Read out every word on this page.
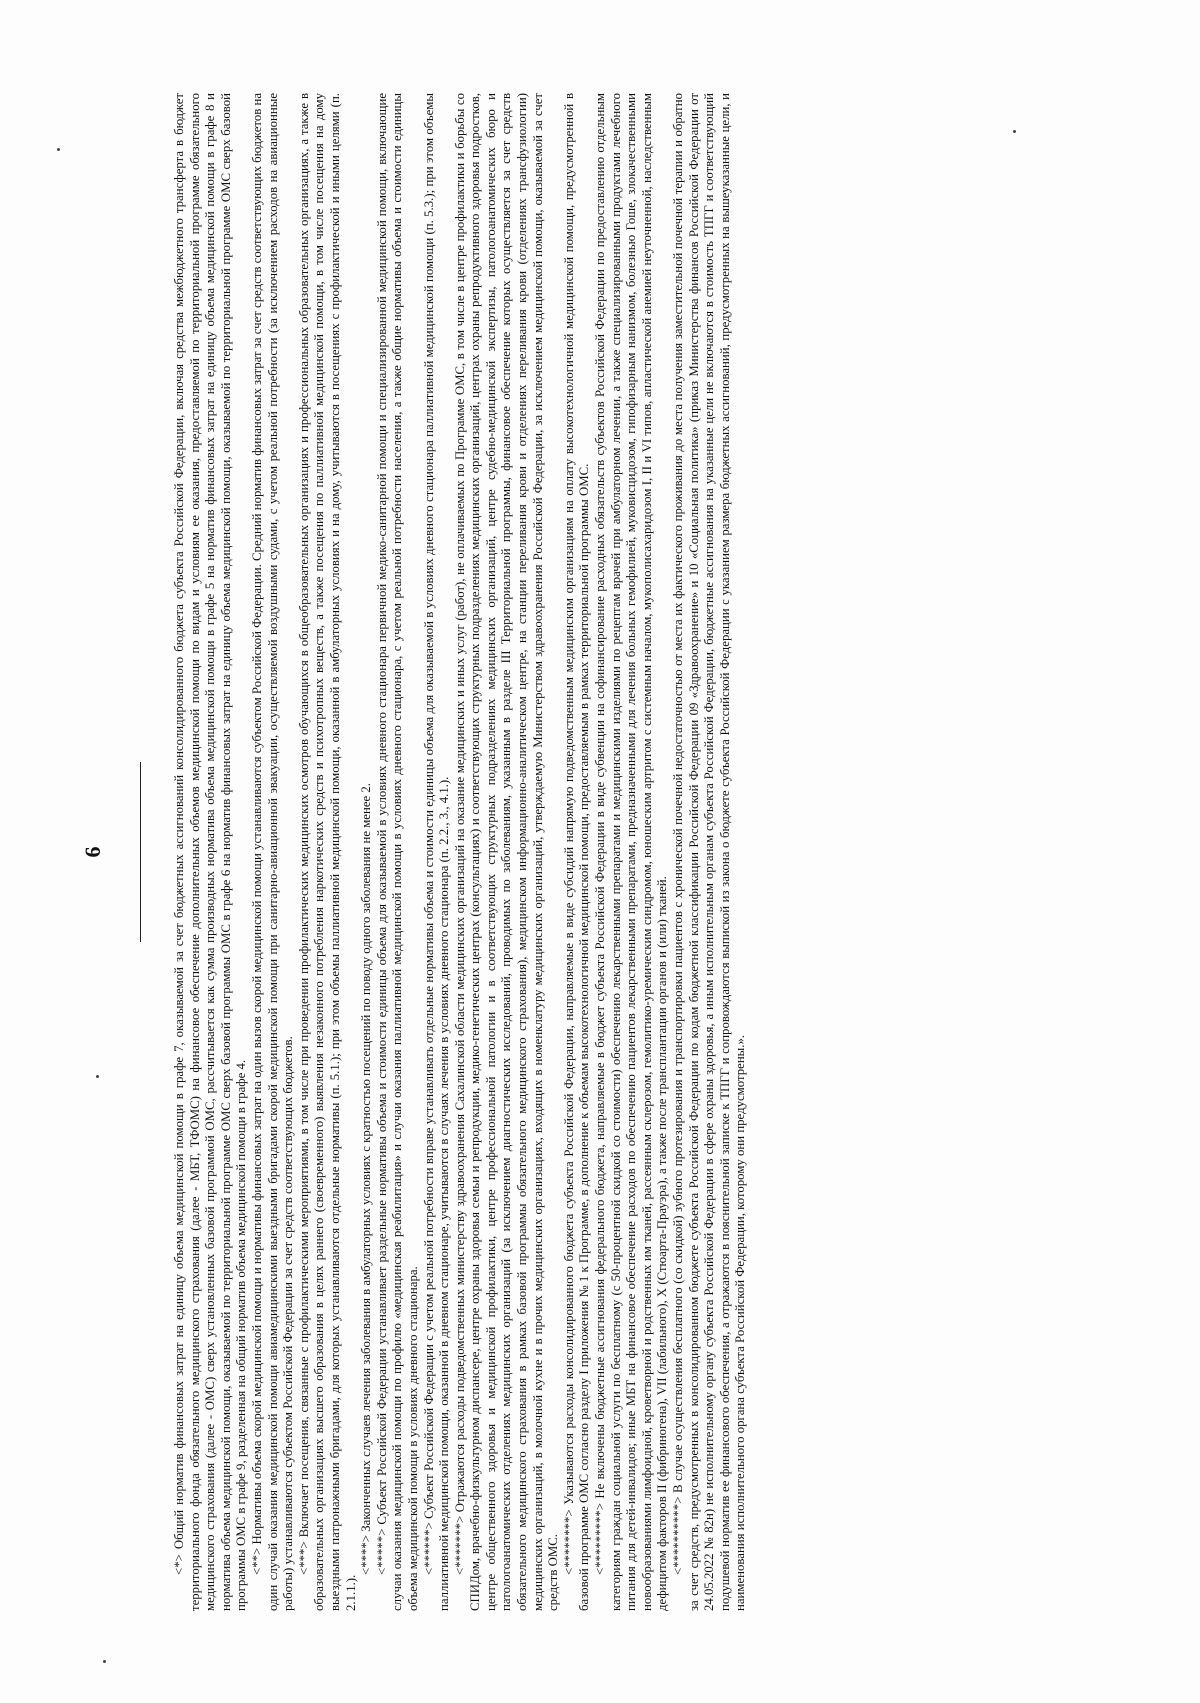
6	<*> Общий норматив финансовых затрат на единицу объема медицинской помощи в графе 7, оказываемой за счет бюджетных ассигнований консолидированного бюджета субъекта Российской Федерации, включая средства межбюджетного трансферта в бюджет территориального фонда обязательного медицинского страхования (далее - МБТ, ТФОМС) на финансовое обеспечение дополнительных объемов медицинской помощи по видам и условиям ее оказания, предоставляемой по территориальной программе обязательного медицинского страхования (далее - ОМС) сверх установленных базовой программой ОМС, рассчитывается как сумма производных норматива объема медицинской помощи в графе 5 на норматив финансовых затрат на единицу объема медицинской помощи в графе 8 и норматива объема медицинской помощи, оказываемой по территориальной программе ОМС сверх базовой программы ОМС в графе 6 на норматив финансовых затрат на единицу объема медицинской помощи, оказываемой по территориальной программе ОМС сверх базовой программы ОМС в графе 9, разделенная на общий норматив объема медицинской помощи в графе 4. <**> Нормативы объема скорой медицинской помощи и нормативы финансовых затрат на один вызов скорой медицинской помощи устанавливаются субъектом Российской Федерации. Средний норматив финансовых затрат за счет средств соответствующих бюджетов на один случай оказания медицинской помощи авиамедицинскими выездными бригадами скорой медицинской помощи при санитарно-авиационной эвакуации, осуществляемой воздушными судами, с учетом реальной потребности (за исключением расходов на авиационные работы) устанавливаются субъектом Российской Федерации за счет средств соответствующих бюджетов. <***> Включает посещения, связанные с профилактическими мероприятиями, в том числе при проведении профилактических медицинских осмотров обучающихся в общеобразовательных организациях и профессиональных образовательных организациях, а также в образовательных организациях высшего образования в целях раннего (своевременного) выявления незаконного потребления наркотических средств и психотропных веществ, а также посещения по паллиативной медицинской помощи, в том числе посещения на дому выездными патронажными бригадами, для которых устанавливаются отдельные нормативы (п. 5.1.); при этом объемы паллиативной медицинской помощи, оказанной в амбулаторных условиях и на дому, учитываются в посещениях с профилактической и иными целями (п. 2.1.1.).

<****> Законченных случаев лечения заболевания в амбулаторных условиях с кратностью посещений по поводу одного заболевания не менее 2. <*****> Субъект Российской Федерации устанавливает раздельные нормативы объема и стоимости единицы объема для оказываемой в условиях дневного стационара первичной медико-санитарной помощи и специализированной медицинской помощи, включающие случаи оказания медицинской помощи по профилю «медицинская реабилитация» и случаи оказания паллиативной медицинской помощи в условиях дневного стационара, с учетом реальной потребности населения, а также общие нормативы объема и стоимости единицы объема медицинской помощи в условиях дневного стационара. <******> Субъект Российской Федерации с учетом реальной потребности вправе устанавливать отдельные нормативы объема и стоимости единицы объема для оказываемой в условиях дневного стационара паллиативной медицинской помощи (п. 5.3.); при этом объемы паллиативной медицинской помощи, оказанной в дневном стационаре, учитываются в случаях лечения в условиях дневного стационара (п. 2.2., 3., 4.1.). <*******> Отражаются расходы подведомственных министерству здравоохранения Сахалинской области медицинских организаций на оказание медицинских и иных услуг (работ), не оплачиваемых по Программе ОМС, в том числе в центре профилактики и борьбы со СПИДом, врачебно-физкультурном диспансере, центре охраны здоровья семьи и репродукции, медико-генетических центрах (консультациях) и соответствующих структурных подразделениях медицинских организаций, центрах охраны репродуктивного здоровья подростков, центре общественного здоровья и медицинской профилактики, центре профессиональной патологии и в соответствующих структурных подразделениях медицинских организаций, центре судебно-медицинской экспертизы, патологоанатомических бюро и патологоанатомических отделениях медицинских организаций (за исключением диагностических исследований, проводимых по заболеваниям, указанным в разделе III Территориальной программы, финансовое обеспечение которых осуществляется за счет средств обязательного медицинского страхования в рамках базовой программы обязательного медицинского страхования), медицинском информационно-аналитическом центре, на станции переливания крови и отделениях переливания крови (отделениях трансфузиологии) медицинских организаций, в молочной кухне и в прочих медицинских организациях, входящих в номенклатуру медицинских организаций, утверждаемую Министерством здравоохранения Российской Федерации, за исключением медицинской помощи, оказываемой за счет средств ОМС. <********> Указываются расходы консолидированного бюджета субъекта Российской Федерации, направляемые в виде субсидий напрямую подведомственным медицинским организациям на оплату высокотехнологичной медицинской помощи, предусмотренной в базовой программе ОМС согласно разделу I приложения № 1 к Программе, в дополнение к объемам высокотехнологичной медицинской помощи, предоставляемым в рамках территориальной программы ОМС. <*********> Не включены бюджетные ассигнования федерального бюджета, направляемые в бюджет субъекта Российской Федерации в виде субвенции на софинансирование расходных обязательств субъектов Российской Федерации по предоставлению отдельным категориям граждан социальной услуги по бесплатному (с 50-процентной скидкой со стоимости) обеспечению лекарственными препаратами и медицинскими изделиями по рецептам врачей при амбулаторном лечении, а также специализированными продуктами лечебного питания для детей-инвалидов; иные МБТ на финансовое обеспечение расходов по обеспечению пациентов лекарственными препаратами, предназначенными для лечения больных гемофилией, муковисцидозом, гипофизарным нанизмом, болезнью Гоше, злокачественными новообразованиями лимфоидной, кроветворной и родственных им тканей, рассеянным склерозом, гемолитико-уремическим синдромом, юношеским артритом с системным началом, мукополисахаридозом I, II и VI типов, апластической анемией неуточненной, наследственным дефицитом факторов II (фибриногена), VII (лабильного), X (Стюарта-Прауэра), а также после трансплантации органов и (или) тканей. <**********> В случае осуществления бесплатного (со скидкой) зубного протезирования и транспортировки пациентов с хронической почечной недостаточностью от места их фактического проживания до места получения заместительной почечной терапии и обратно за счет средств, предусмотренных в консолидированном бюджете субъекта Российской Федерации по кодам бюджетной классификации Российской Федерации 09 «Здравоохранение» и 10 «Социальная политика» (приказ Министерства финансов Российской Федерации от 24.05.2022 № 82н) не исполнительному органу субъекта Российской Федерации в сфере охраны здоровья, а иным исполнительным органам субъекта Российской Федерации, бюджетные ассигнования на указанные цели не включаются в стоимость ТПГГ и соответствующий подушевой норматив ее финансового обеспечения, а отражаются в пояснительной записке к ТПГГ и сопровождаются выпиской из закона о бюджете субъекта Российской Федерации с указанием размера бюджетных ассигнований, предусмотренных на вышеуказанные цели, и наименования исполнительного органа субъекта Российской Федерации, которому они предусмотрены.».
